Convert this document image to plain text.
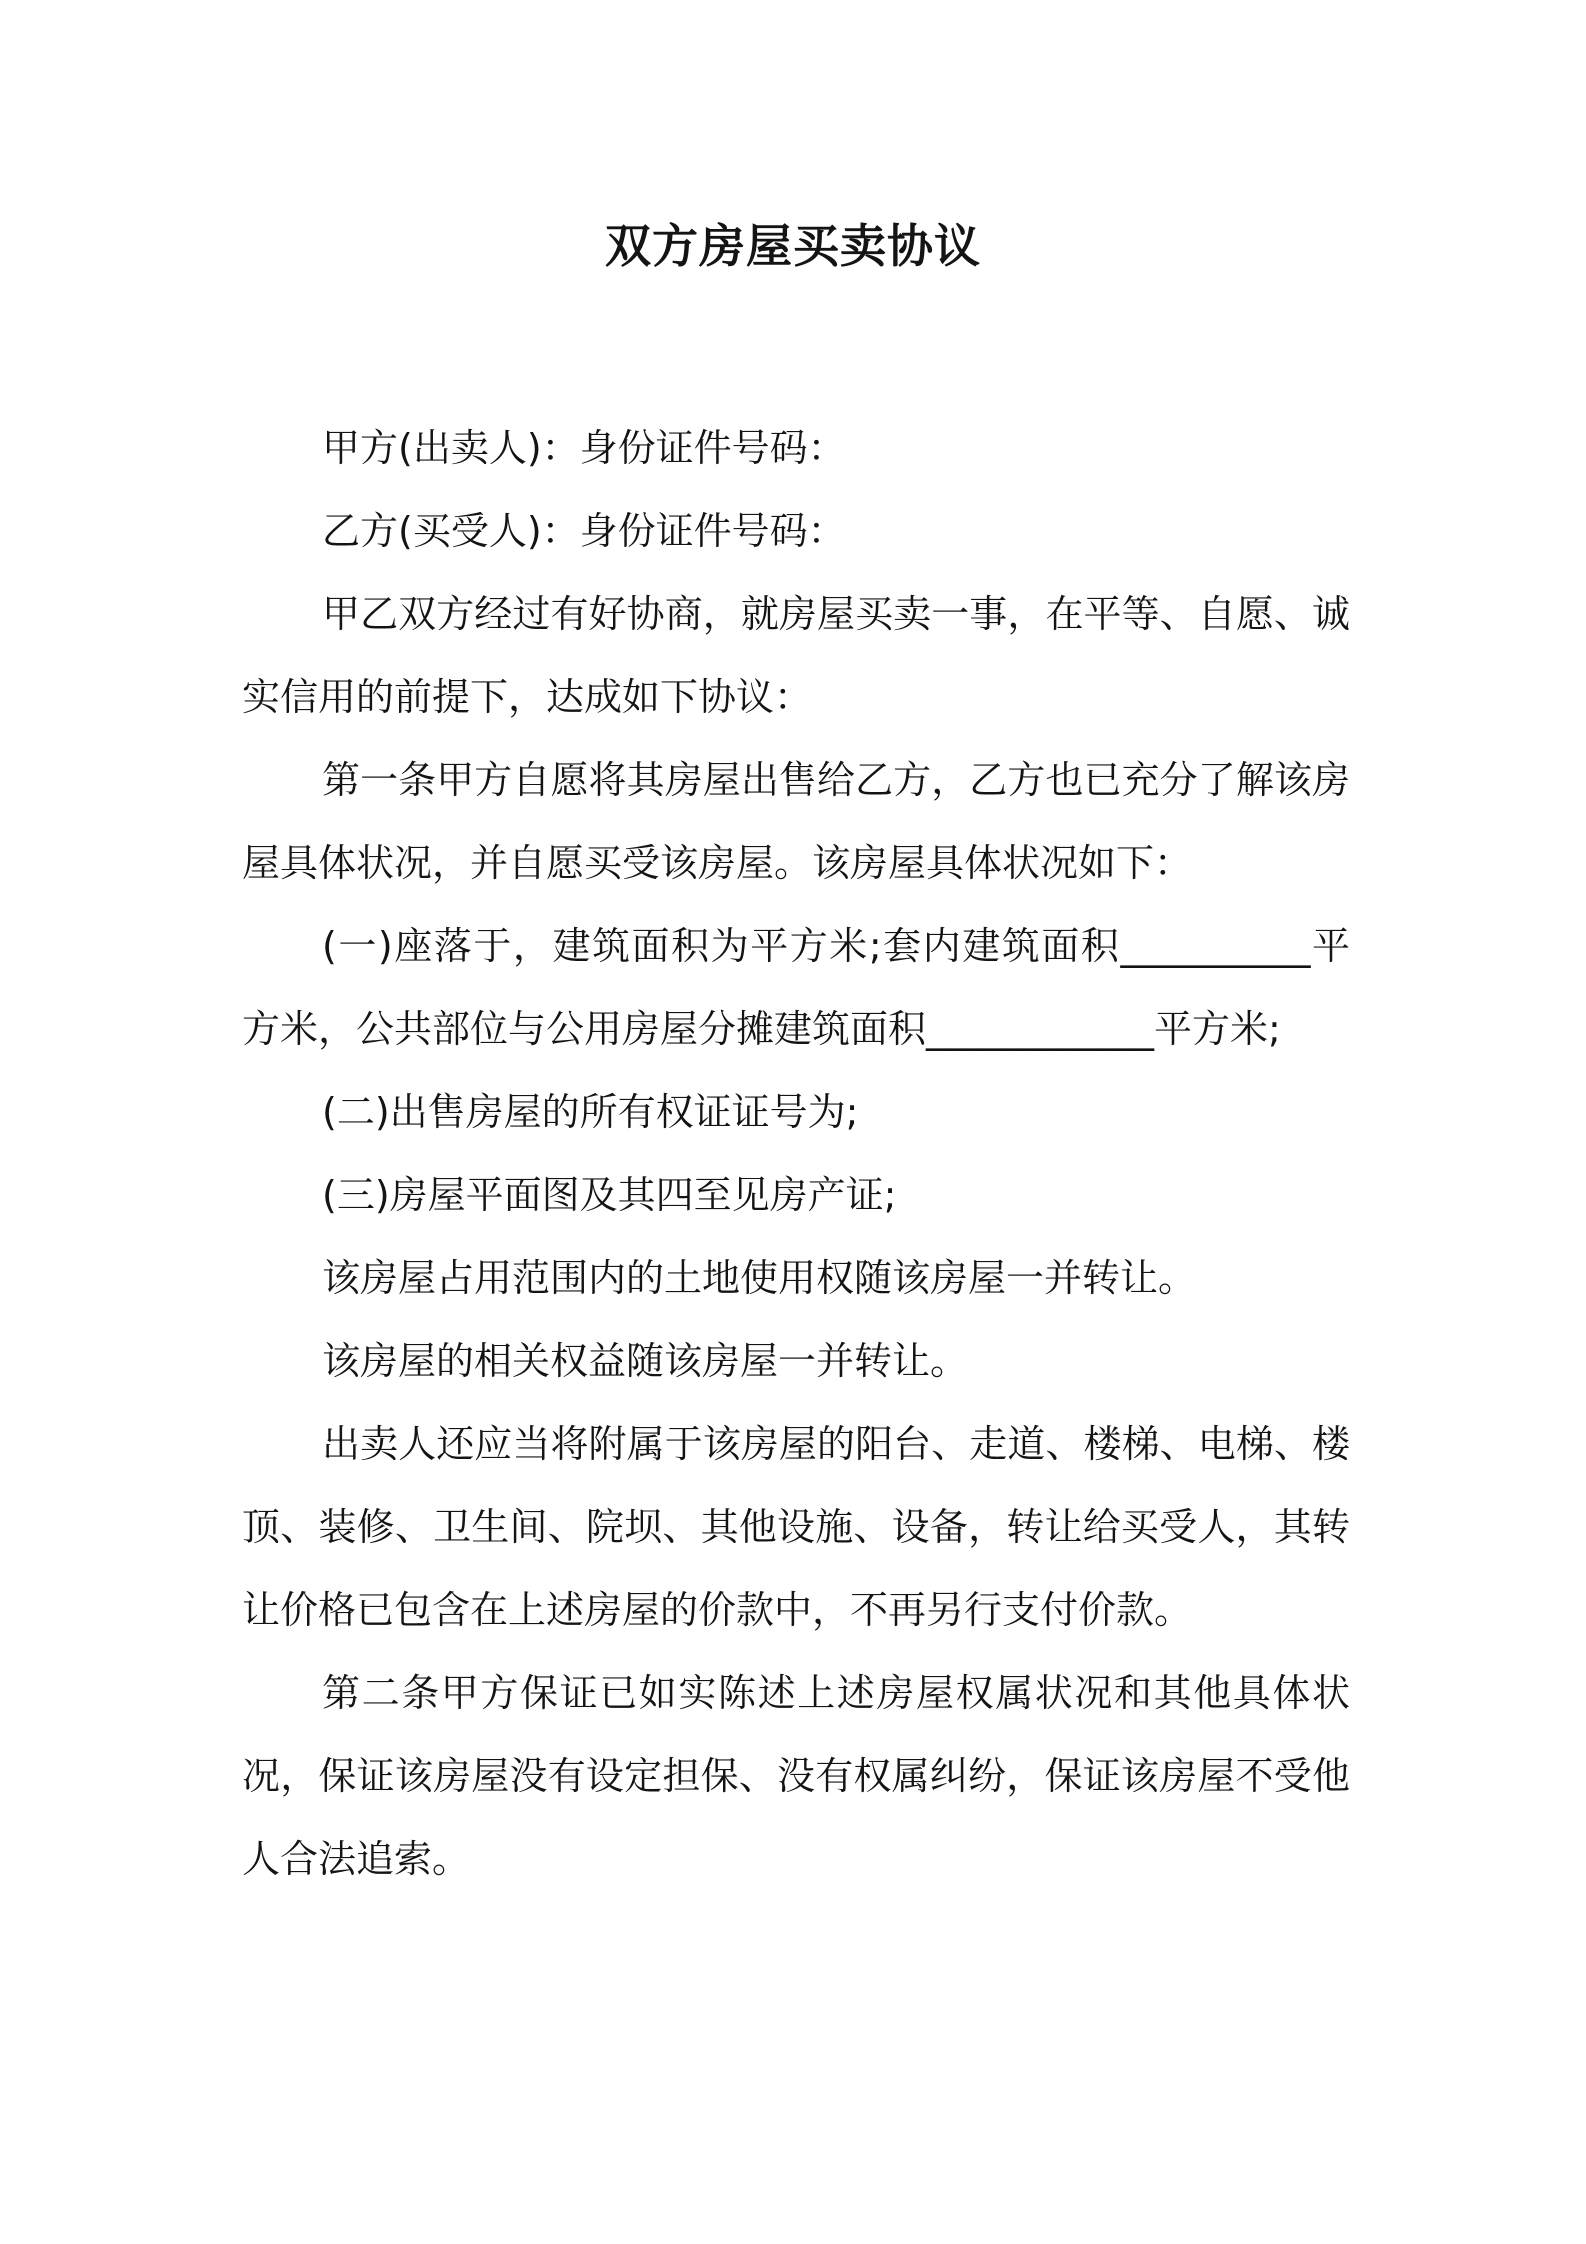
双方房屋买卖协议

甲方(出卖人)：身份证件号码：

乙方(买受人)：身份证件号码：

甲乙双方经过有好协商，就房屋买卖一事，在平等、自愿、诚实信用的前提下，达成如下协议：

第一条甲方自愿将其房屋出售给乙方，乙方也已充分了解该房屋具体状况，并自愿买受该房屋。该房屋具体状况如下：

(一)座落于，建筑面积为平方米;套内建筑面积__________平方米，公共部位与公用房屋分摊建筑面积____________平方米;

(二)出售房屋的所有权证证号为;

(三)房屋平面图及其四至见房产证;

该房屋占用范围内的土地使用权随该房屋一并转让。

该房屋的相关权益随该房屋一并转让。

出卖人还应当将附属于该房屋的阳台、走道、楼梯、电梯、楼顶、装修、卫生间、院坝、其他设施、设备，转让给买受人，其转让价格已包含在上述房屋的价款中，不再另行支付价款。

第二条甲方保证已如实陈述上述房屋权属状况和其他具体状况，保证该房屋没有设定担保、没有权属纠纷，保证该房屋不受他人合法追索。
